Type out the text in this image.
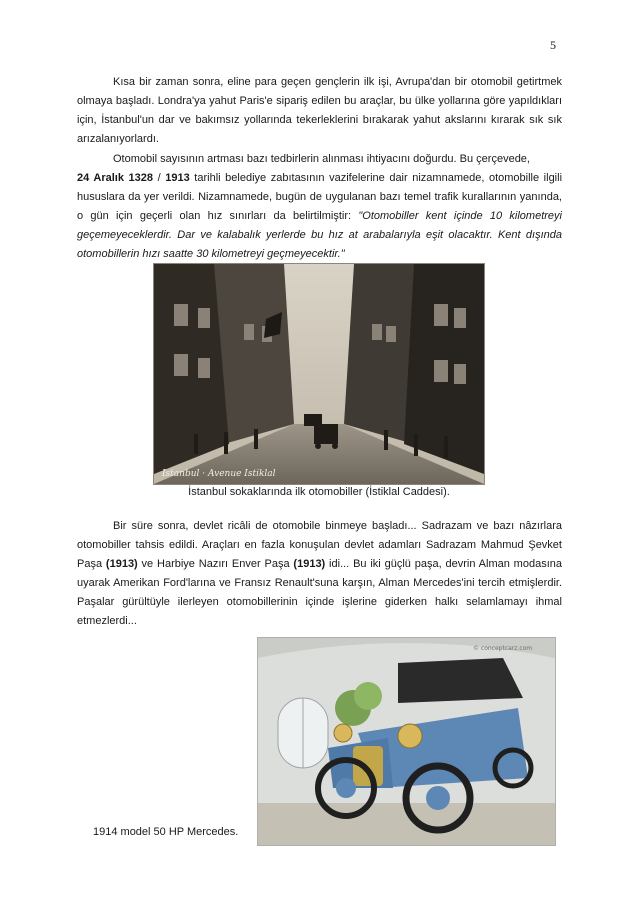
5

Kısa bir zaman sonra, eline para geçen gençlerin ilk işi, Avrupa'dan bir otomobil getirtmek olmaya başladı. Londra'ya yahut Paris'e sipariş edilen bu araçlar, bu ülke yollarına göre yapıldıkları için, İstanbul'un dar ve bakımsız yollarında tekerleklerini bırakarak yahut akslarını kırarak sık sık arızalanıyorlardı.

Otomobil sayısının artması bazı tedbirlerin alınması ihtiyacını doğurdu. Bu çerçevede,
24 Aralık 1328 / 1913 tarihli belediye zabıtasının vazifelerine dair nizamnamede, otomobille ilgili hususlara da yer verildi. Nizamnamede, bugün de uygulanan bazı temel trafik kurallarının yanında, o gün için geçerli olan hız sınırları da belirtilmiştir: "Otomobiller kent içinde 10 kilometreyi geçemeyeceklerdir. Dar ve kalabalık yerlerde bu hız at arabalarıyla eşit olacaktır. Kent dışında otomobillerin hızı saatte 30 kilometreyi geçmeyecektir."

Istanbul · Avenue Istiklal
İstanbul sokaklarında ilk otomobiller (İstiklal Caddesi).

Bir süre sonra, devlet ricâli de otomobile binmeye başladı... Sadrazam ve bazı nâzırlara otomobiller tahsis edildi. Araçları en fazla konuşulan devlet adamları Sadrazam Mahmud Şevket Paşa (1913) ve Harbiye Nazırı Enver Paşa (1913) idi... Bu iki güçlü paşa, devrin Alman modasına uyarak Amerikan Ford'larına ve Fransız Renault'suna karşın, Alman Mercedes'ini tercih etmişlerdir. Paşalar gürültüyle ilerleyen otomobillerinin içinde işlerine giderken halkı selamlamayı ihmal etmezlerdi...

© conceptcarz.com
1914 model 50 HP Mercedes.
